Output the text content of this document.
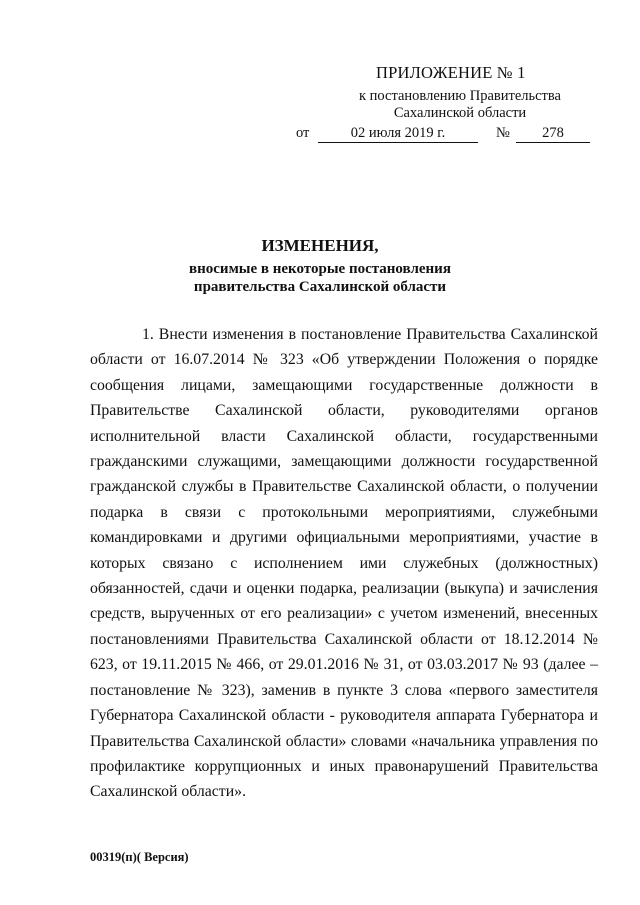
ПРИЛОЖЕНИЕ № 1
к постановлению Правительства
Сахалинской области
от	02 июля 2019 г.	№	278
ИЗМЕНЕНИЯ,
вносимые в некоторые постановления
правительства Сахалинской области

1. Внести изменения в постановление Правительства Сахалинской области от 16.07.2014 № 323 «Об утверждении Положения о порядке сообщения лицами, замещающими государственные должности в Правительстве Сахалинской области, руководителями органов исполнительной власти Сахалинской области, государственными гражданскими служащими, замещающими должности государственной гражданской службы в Правительстве Сахалинской области, о получении подарка в связи с протокольными мероприятиями, служебными командировками и другими официальными мероприятиями, участие в которых связано с исполнением ими служебных (должностных) обязанностей, сдачи и оценки подарка, реализации (выкупа) и зачисления средств, вырученных от его реализации» с учетом изменений, внесенных постановлениями Правительства Сахалинской области от 18.12.2014 № 623, от 19.11.2015 № 466, от 29.01.2016 № 31, от 03.03.2017 № 93 (далее – постановление № 323), заменив в пункте 3 слова «первого заместителя Губернатора Сахалинской области - руководителя аппарата Губернатора и Правительства Сахалинской области» словами «начальника управления по профилактике коррупционных и иных правонарушений Правительства Сахалинской области».

00319(п)( Версия)
